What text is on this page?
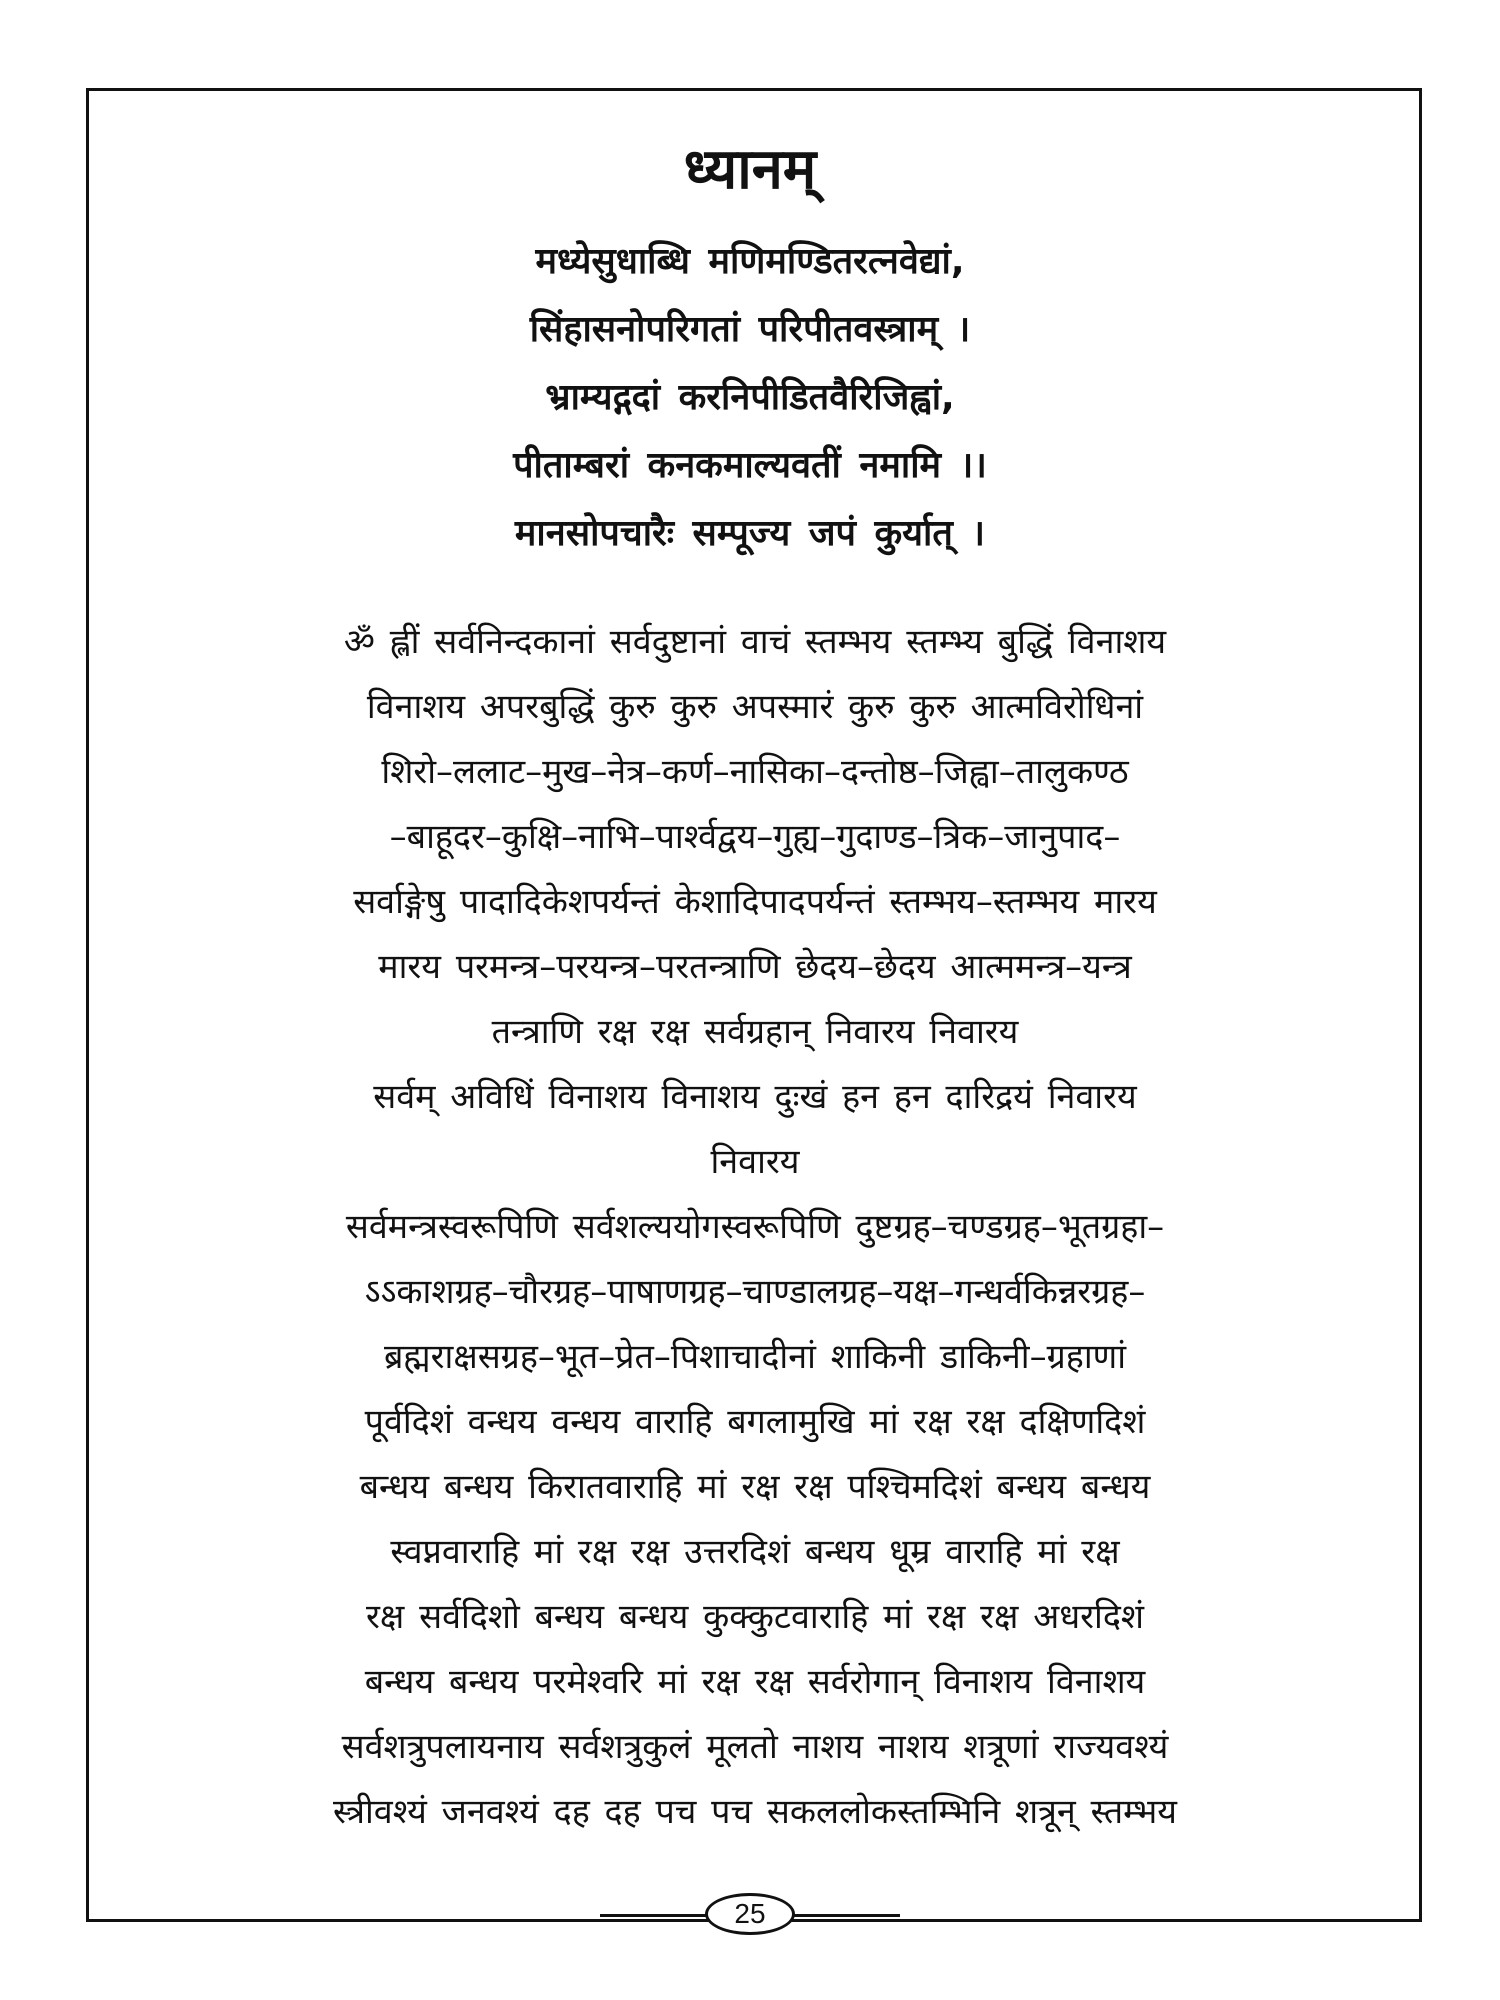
ध्यानम्
मध्येसुधाब्धि मणिमण्डितरत्नवेद्यां,
सिंहासनोपरिगतां परिपीतवस्त्राम् ।
भ्राम्यद्गदां करनिपीडितवैरिजिह्वां,
पीताम्बरां कनकमाल्यवतीं नमामि ।।
मानसोपचारैः सम्पूज्य जपं कुर्यात् ।
ॐ ह्लीं सर्वनिन्दकानां सर्वदुष्टानां वाचं स्तम्भय स्तम्भ्य बुद्धिं विनाशय
विनाशय अपरबुद्धिं कुरु कुरु अपस्मारं कुरु कुरु आत्मविरोधिनां
शिरो–ललाट–मुख–नेत्र–कर्ण–नासिका–दन्तोष्ठ–जिह्वा–तालुकण्ठ
–बाहूदर–कुक्षि–नाभि–पार्श्वद्वय–गुह्य–गुदाण्ड–त्रिक–जानुपाद–
सर्वाङ्गेषु पादादिकेशपर्यन्तं केशादिपादपर्यन्तं स्तम्भय–स्तम्भय मारय
मारय परमन्त्र–परयन्त्र–परतन्त्राणि छेदय–छेदय आत्ममन्त्र–यन्त्र
तन्त्राणि रक्ष रक्ष सर्वग्रहान् निवारय निवारय
सर्वम् अविधिं विनाशय विनाशय दुःखं हन हन दारिद्रयं निवारय
निवारय
सर्वमन्त्रस्वरूपिणि सर्वशल्ययोगस्वरूपिणि दुष्टग्रह–चण्डग्रह–भूतग्रहा–
ऽऽकाशग्रह–चौरग्रह–पाषाणग्रह–चाण्डालग्रह–यक्ष–गन्धर्वकिन्नरग्रह–
ब्रह्मराक्षसग्रह–भूत–प्रेत–पिशाचादीनां शाकिनी डाकिनी–ग्रहाणां
पूर्वदिशं वन्धय वन्धय वाराहि बगलामुखि मां रक्ष रक्ष दक्षिणदिशं
बन्धय बन्धय किरातवाराहि मां रक्ष रक्ष पश्चिमदिशं बन्धय बन्धय
स्वप्नवाराहि मां रक्ष रक्ष उत्तरदिशं बन्धय धूम्र वाराहि मां रक्ष
रक्ष सर्वदिशो बन्धय बन्धय कुक्कुटवाराहि मां रक्ष रक्ष अधरदिशं
बन्धय बन्धय परमेश्वरि मां रक्ष रक्ष सर्वरोगान् विनाशय विनाशय
सर्वशत्रुपलायनाय सर्वशत्रुकुलं मूलतो नाशय नाशय शत्रूणां राज्यवश्यं
स्त्रीवश्यं जनवश्यं दह दह पच पच सकललोकस्तम्भिनि शत्रून् स्तम्भय
25
